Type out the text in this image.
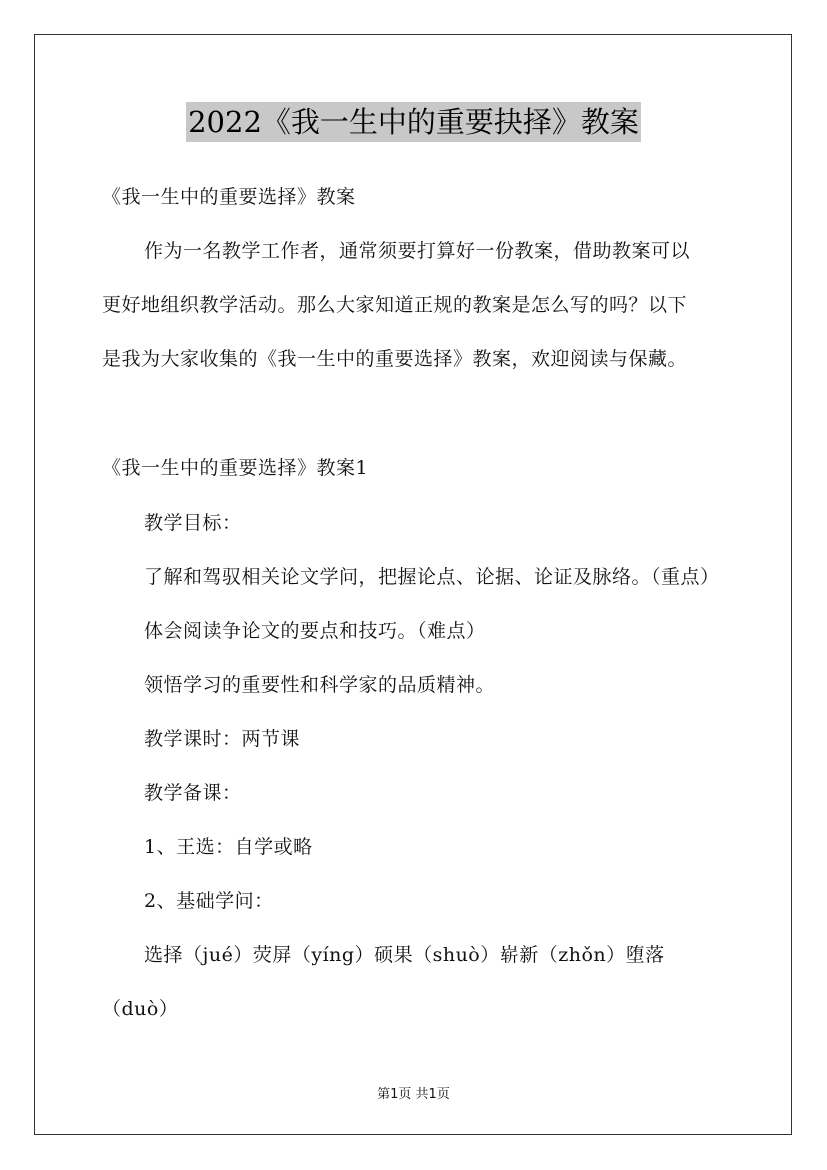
2022《我一生中的重要抉择》教案
《我一生中的重要选择》教案
作为一名教学工作者，通常须要打算好一份教案，借助教案可以
更好地组织教学活动。那么大家知道正规的教案是怎么写的吗？以下
是我为大家收集的《我一生中的重要选择》教案，欢迎阅读与保藏。
《我一生中的重要选择》教案1
教学目标：
了解和驾驭相关论文学问，把握论点、论据、论证及脉络。（重点）
体会阅读争论文的要点和技巧。（难点）
领悟学习的重要性和科学家的品质精神。
教学课时：两节课
教学备课：
1、王选：自学或略
2、基础学问：
选择（jué）荧屏（yíng）硕果（shuò）崭新（zhǒn）堕落
（duò）
第1页 共1页
